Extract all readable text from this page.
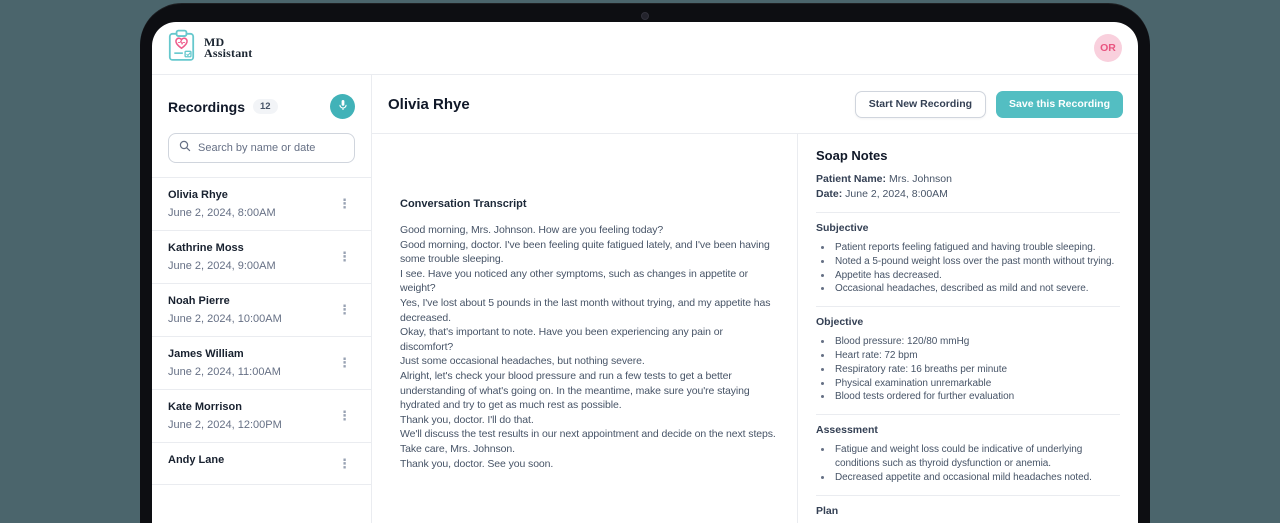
MD
Assistant	OR
Recordings	12
Search by name or date
Olivia Rhye
June 2, 2024, 8:00AM
⋮
Kathrine Moss
June 2, 2024, 9:00AM
⋮
Noah Pierre
June 2, 2024, 10:00AM
⋮
James William
June 2, 2024, 11:00AM
⋮
Kate Morrison
June 2, 2024, 12:00PM
⋮
Andy Lane	⋮
Olivia Rhye	Start New Recording	Save this Recording
Conversation Transcript
Good morning, Mrs. Johnson. How are you feeling today?
Good morning, doctor. I've been feeling quite fatigued lately, and I've been having some trouble sleeping.
I see. Have you noticed any other symptoms, such as changes in appetite or weight?
Yes, I've lost about 5 pounds in the last month without trying, and my appetite has decreased.
Okay, that's important to note. Have you been experiencing any pain or discomfort?
Just some occasional headaches, but nothing severe.
Alright, let's check your blood pressure and run a few tests to get a better understanding of what's going on. In the meantime, make sure you're staying hydrated and try to get as much rest as possible.
Thank you, doctor. I'll do that.
We'll discuss the test results in our next appointment and decide on the next steps. Take care, Mrs. Johnson.
Thank you, doctor. See you soon.
Soap Notes
Patient Name: Mrs. Johnson
Date: June 2, 2024, 8:00AM
Subjective
• Patient reports feeling fatigued and having trouble sleeping.
• Noted a 5-pound weight loss over the past month without trying.
• Appetite has decreased.
• Occasional headaches, described as mild and not severe.
Objective
• Blood pressure: 120/80 mmHg
• Heart rate: 72 bpm
• Respiratory rate: 16 breaths per minute
• Physical examination unremarkable
• Blood tests ordered for further evaluation
Assessment
• Fatigue and weight loss could be indicative of underlying conditions such as thyroid dysfunction or anemia.
• Decreased appetite and occasional mild headaches noted.
Plan
